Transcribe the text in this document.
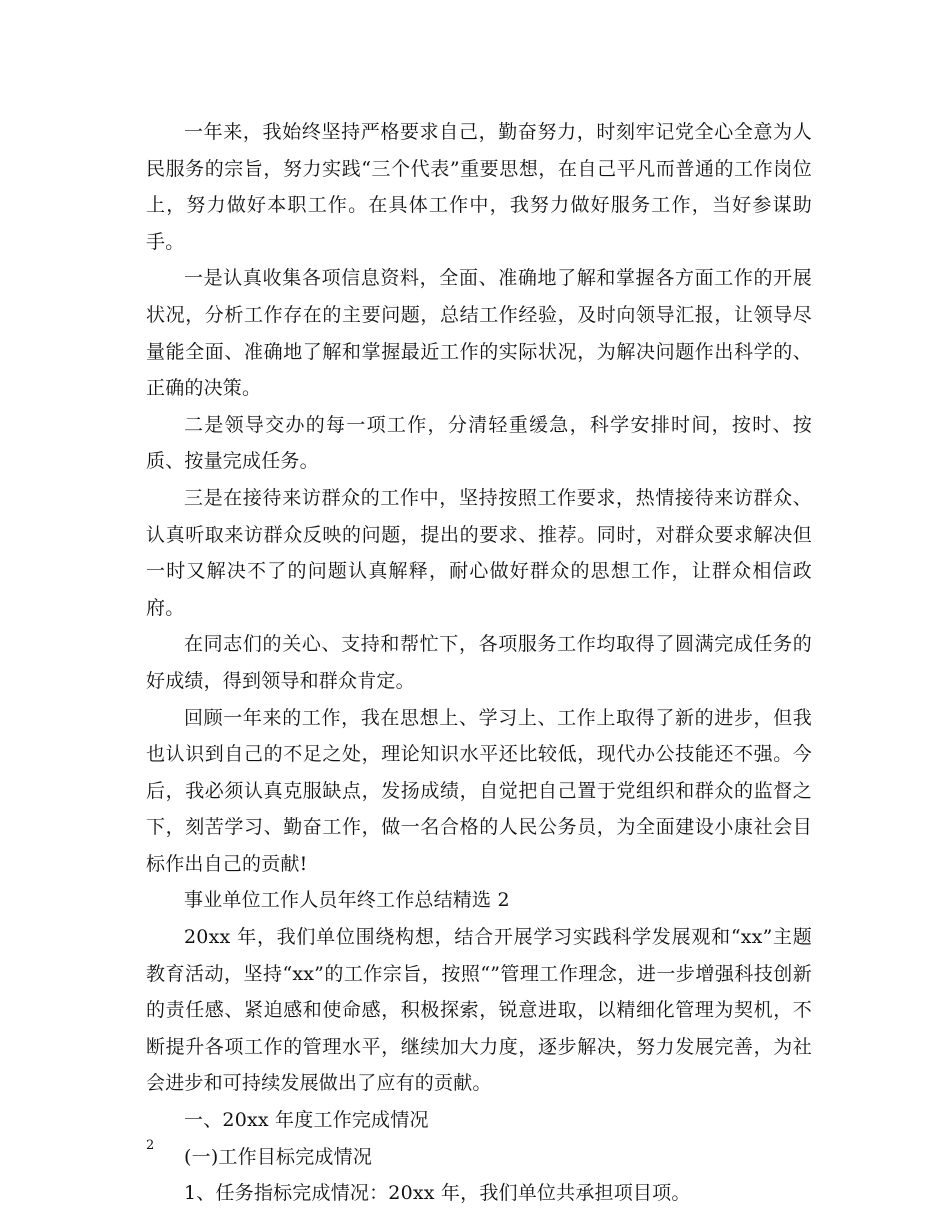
一年来，我始终坚持严格要求自己，勤奋努力，时刻牢记党全心全意为人民服务的宗旨，努力实践“三个代表”重要思想，在自己平凡而普通的工作岗位上，努力做好本职工作。在具体工作中，我努力做好服务工作，当好参谋助手。

一是认真收集各项信息资料，全面、准确地了解和掌握各方面工作的开展状况，分析工作存在的主要问题，总结工作经验，及时向领导汇报，让领导尽量能全面、准确地了解和掌握最近工作的实际状况，为解决问题作出科学的、正确的决策。

二是领导交办的每一项工作，分清轻重缓急，科学安排时间，按时、按质、按量完成任务。

三是在接待来访群众的工作中，坚持按照工作要求，热情接待来访群众、认真听取来访群众反映的问题，提出的要求、推荐。同时，对群众要求解决但一时又解决不了的问题认真解释，耐心做好群众的思想工作，让群众相信政府。

在同志们的关心、支持和帮忙下，各项服务工作均取得了圆满完成任务的好成绩，得到领导和群众肯定。

回顾一年来的工作，我在思想上、学习上、工作上取得了新的进步，但我也认识到自己的不足之处，理论知识水平还比较低，现代办公技能还不强。今后，我必须认真克服缺点，发扬成绩，自觉把自己置于党组织和群众的监督之下，刻苦学习、勤奋工作，做一名合格的人民公务员，为全面建设小康社会目标作出自己的贡献!

事业单位工作人员年终工作总结精选 2

20xx 年，我们单位围绕构想，结合开展学习实践科学发展观和“xx”主题教育活动，坚持“xx”的工作宗旨，按照“”管理工作理念，进一步增强科技创新的责任感、紧迫感和使命感，积极探索，锐意进取，以精细化管理为契机，不断提升各项工作的管理水平，继续加大力度，逐步解决，努力发展完善，为社会进步和可持续发展做出了应有的贡献。

一、20xx 年度工作完成情况

(一)工作目标完成情况

1、任务指标完成情况：20xx 年，我们单位共承担项目项。

2
